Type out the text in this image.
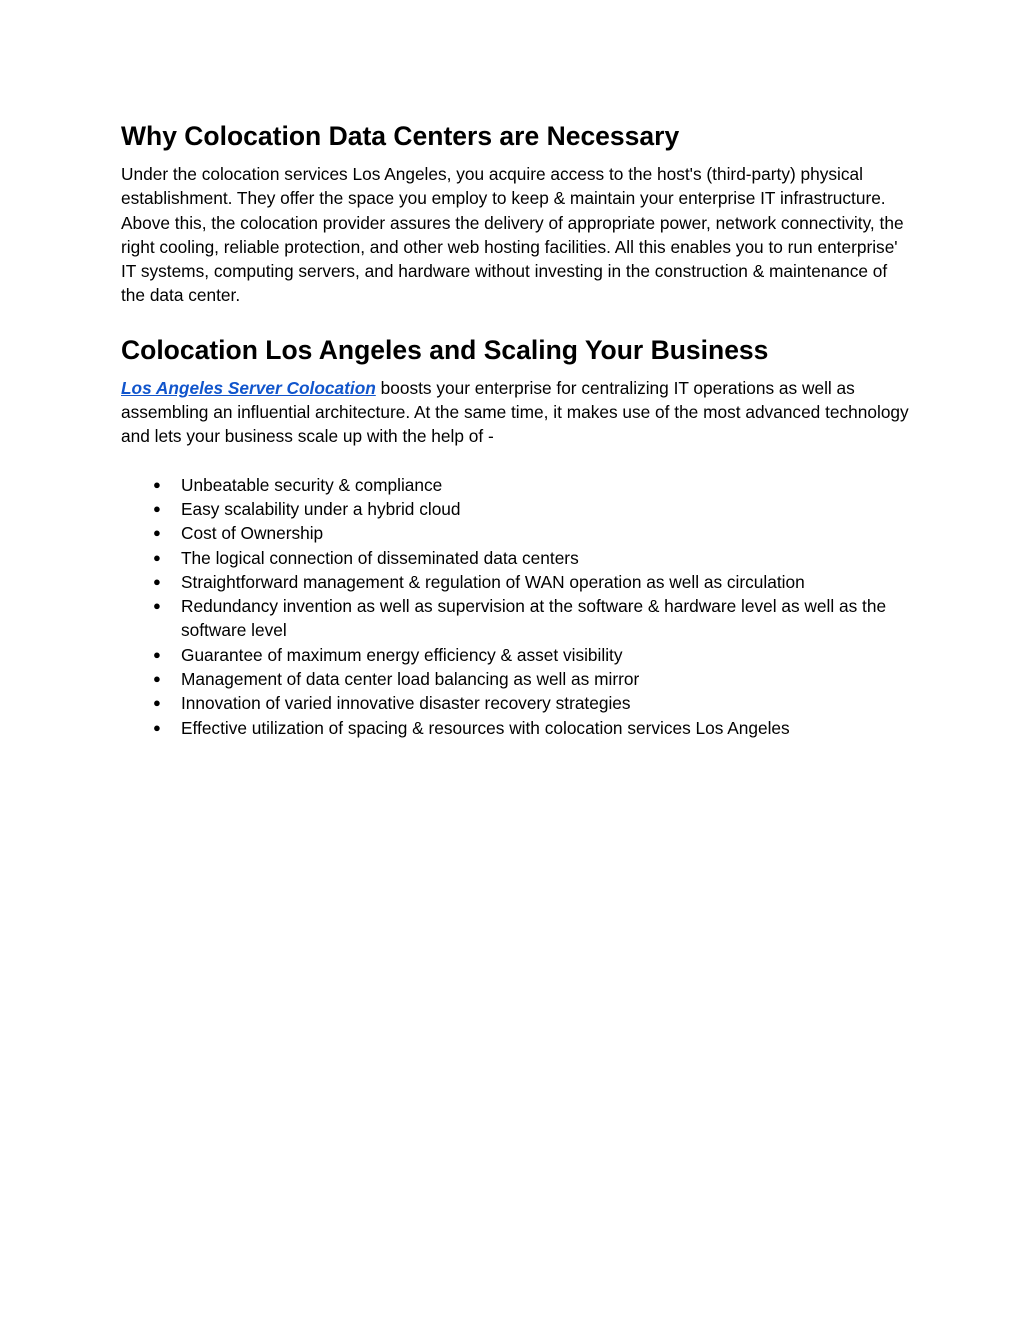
Why Colocation Data Centers are Necessary

Under the colocation services Los Angeles, you acquire access to the host's (third-party) physical establishment. They offer the space you employ to keep & maintain your enterprise IT infrastructure. Above this, the colocation provider assures the delivery of appropriate power, network connectivity, the right cooling, reliable protection, and other web hosting facilities. All this enables you to run enterprise' IT systems, computing servers, and hardware without investing in the construction & maintenance of the data center.

Colocation Los Angeles and Scaling Your Business

Los Angeles Server Colocation boosts your enterprise for centralizing IT operations as well as assembling an influential architecture. At the same time, it makes use of the most advanced technology and lets your business scale up with the help of -

● Unbeatable security & compliance
● Easy scalability under a hybrid cloud
● Cost of Ownership
● The logical connection of disseminated data centers
● Straightforward management & regulation of WAN operation as well as circulation
● Redundancy invention as well as supervision at the software & hardware level as well as the software level
● Guarantee of maximum energy efficiency & asset visibility
● Management of data center load balancing as well as mirror
● Innovation of varied innovative disaster recovery strategies
● Effective utilization of spacing & resources with colocation services Los Angeles
